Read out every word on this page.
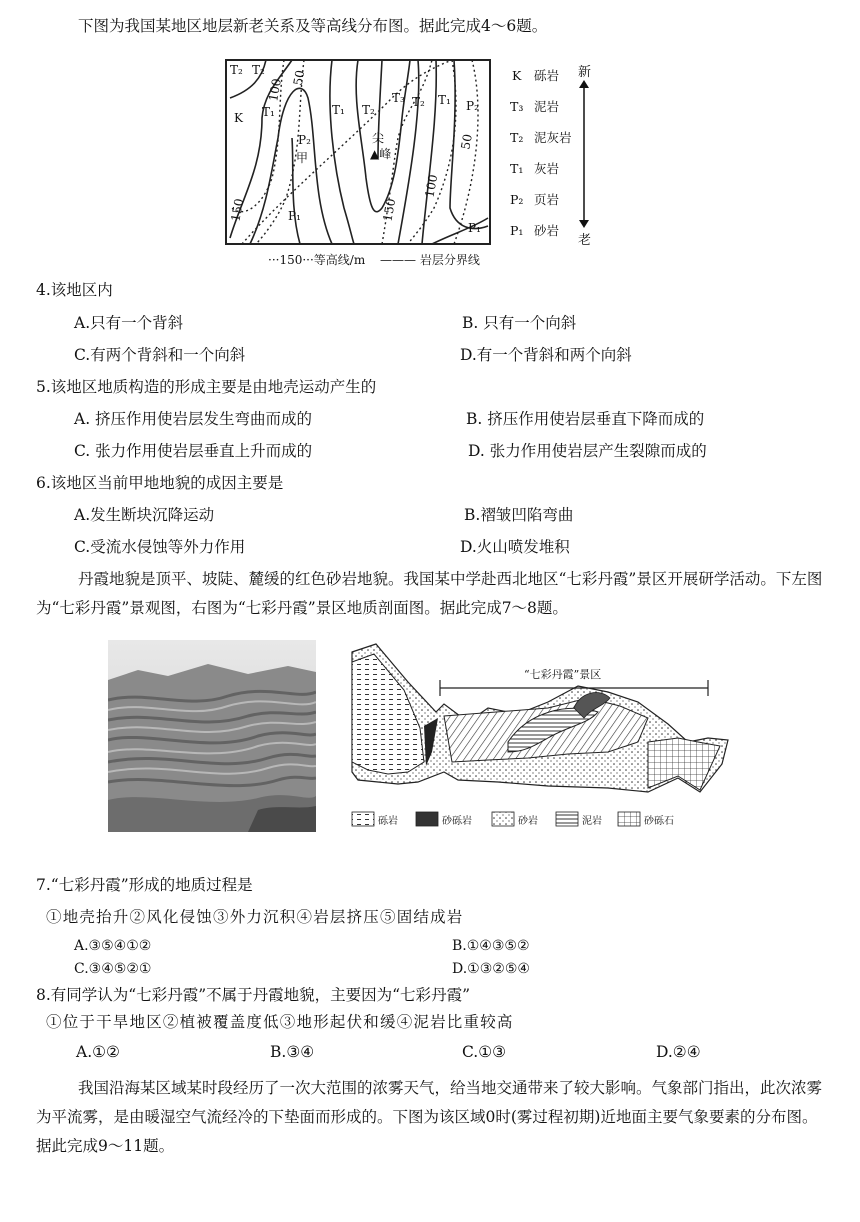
下图为我国某地区地层新老关系及等高线分布图。据此完成4～6题。
T₂ T₂
K T₁
100 50
P₂
甲
T₁ T₂
T₃ T₂ T₁ P₂
50
100
尖
▲峰
150	150
P₁
P₁
···150···等高线/m ——— 岩层分界线
K 砾岩
T₃ 泥岩
T₂ 泥灰岩
T₁ 灰岩
P₂ 页岩
P₁ 砂岩
新
老
4.该地区内
A.只有一个背斜	B. 只有一个向斜
C.有两个背斜和一个向斜	D.有一个背斜和两个向斜
5.该地区地质构造的形成主要是由地壳运动产生的
A. 挤压作用使岩层发生弯曲而成的	B. 挤压作用使岩层垂直下降而成的
C. 张力作用使岩层垂直上升而成的	D. 张力作用使岩层产生裂隙而成的
6.该地区当前甲地地貌的成因主要是
A.发生断块沉降运动	B.褶皱凹陷弯曲
C.受流水侵蚀等外力作用	D.火山喷发堆积
丹霞地貌是顶平、坡陡、麓缓的红色砂岩地貌。我国某中学赴西北地区“七彩丹霞”景区开展研学活动。下左图为“七彩丹霞”景观图，右图为“七彩丹霞”景区地质剖面图。据此完成7～8题。
“七彩丹霞”景区
砾岩	砂砾岩	砂岩	泥岩	砂砾石
7.“七彩丹霞”形成的地质过程是
①地壳抬升②风化侵蚀③外力沉积④岩层挤压⑤固结成岩
A.③⑤④①②	B.①④③⑤②
C.③④⑤②①	D.①③②⑤④
8.有同学认为“七彩丹霞”不属于丹霞地貌，主要因为“七彩丹霞”
①位于干旱地区②植被覆盖度低③地形起伏和缓④泥岩比重较高
A.①②	B.③④	C.①③	D.②④
我国沿海某区域某时段经历了一次大范围的浓雾天气，给当地交通带来了较大影响。气象部门指出，此次浓雾为平流雾，是由暖湿空气流经冷的下垫面而形成的。下图为该区域0时(雾过程初期)近地面主要气象要素的分布图。据此完成9～11题。
